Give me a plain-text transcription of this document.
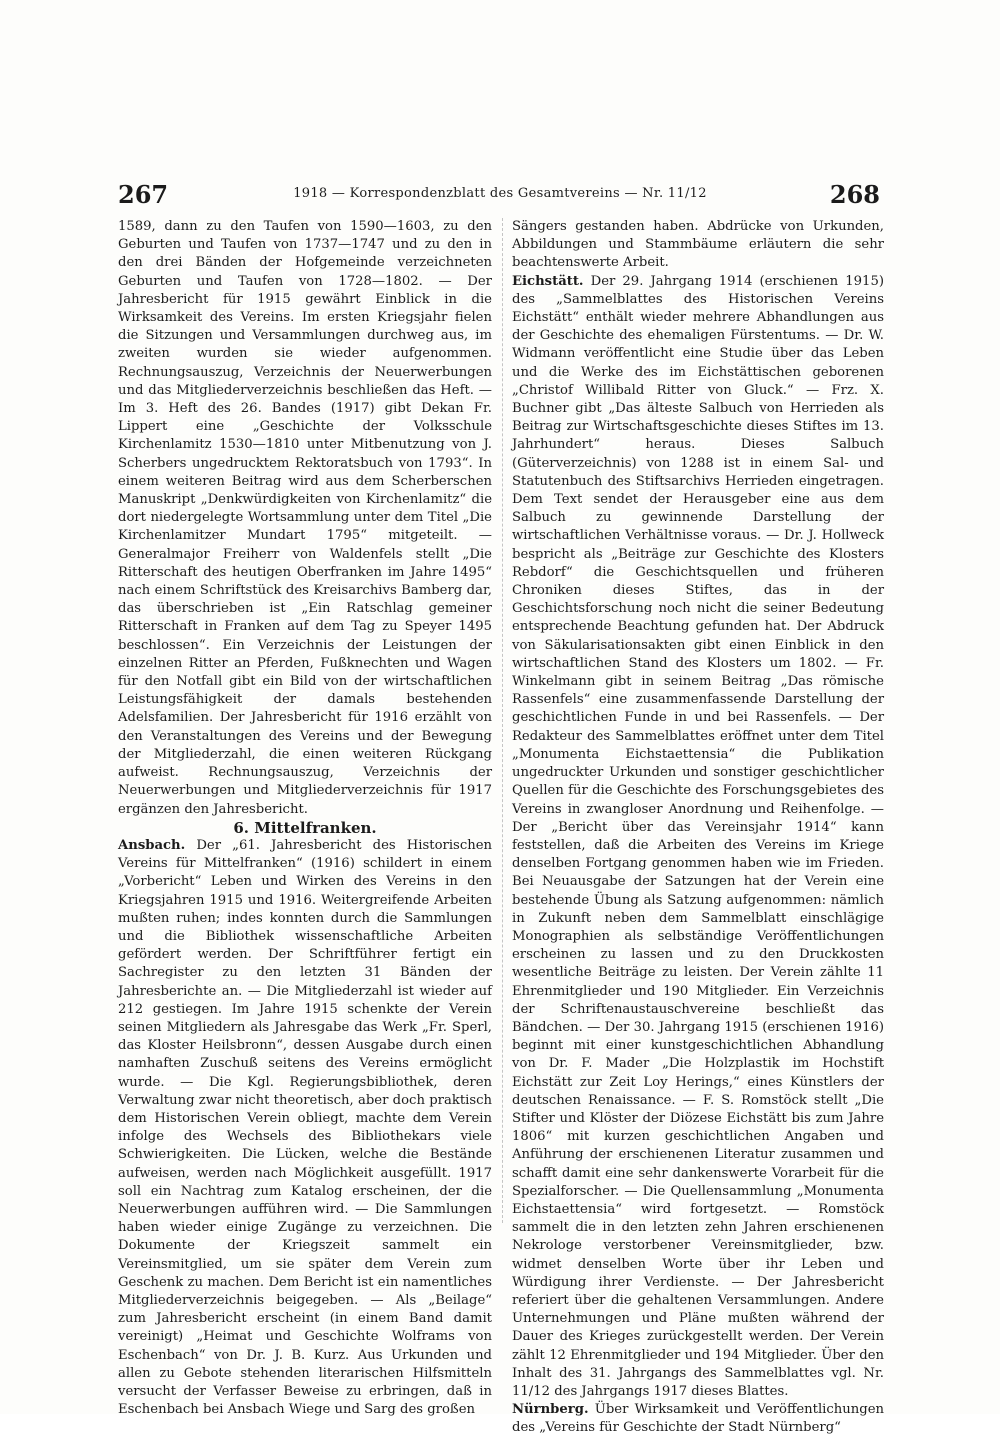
267	1918 — Korrespondenzblatt des Gesamtvereins — Nr. 11/12	268

1589, dann zu den Taufen von 1590—1603, zu den Geburten und Taufen von 1737—1747 und zu den in den drei Bänden der Hofgemeinde verzeichneten Geburten und Taufen von 1728—1802. — Der Jahresbericht für 1915 gewährt Einblick in die Wirksamkeit des Vereins. Im ersten Kriegsjahr fielen die Sitzungen und Versammlungen durchweg aus, im zweiten wurden sie wieder aufgenommen. Rechnungsauszug, Verzeichnis der Neuerwerbungen und das Mitgliederverzeichnis beschließen das Heft. — Im 3. Heft des 26. Bandes (1917) gibt Dekan Fr. Lippert eine „Geschichte der Volksschule Kirchenlamitz 1530—1810 unter Mitbenutzung von J. Scherbers ungedrucktem Rektoratsbuch von 1793“. In einem weiteren Beitrag wird aus dem Scherberschen Manuskript „Denkwürdigkeiten von Kirchenlamitz“ die dort niedergelegte Wortsammlung unter dem Titel „Die Kirchenlamitzer Mundart 1795“ mitgeteilt. — Generalmajor Freiherr von Waldenfels stellt „Die Ritterschaft des heutigen Oberfranken im Jahre 1495“ nach einem Schriftstück des Kreisarchivs Bamberg dar, das überschrieben ist „Ein Ratschlag gemeiner Ritterschaft in Franken auf dem Tag zu Speyer 1495 beschlossen“. Ein Verzeichnis der Leistungen der einzelnen Ritter an Pferden, Fußknechten und Wagen für den Notfall gibt ein Bild von der wirtschaftlichen Leistungsfähigkeit der damals bestehenden Adelsfamilien. Der Jahresbericht für 1916 erzählt von den Veranstaltungen des Vereins und der Bewegung der Mitgliederzahl, die einen weiteren Rückgang aufweist. Rechnungsauszug, Verzeichnis der Neuerwerbungen und Mitgliederverzeichnis für 1917 ergänzen den Jahresbericht.

6. Mittelfranken.

Ansbach. Der „61. Jahresbericht des Historischen Vereins für Mittelfranken“ (1916) schildert in einem „Vorbericht“ Leben und Wirken des Vereins in den Kriegsjahren 1915 und 1916. Weitergreifende Arbeiten mußten ruhen; indes konnten durch die Sammlungen und die Bibliothek wissenschaftliche Arbeiten gefördert werden. Der Schriftführer fertigt ein Sachregister zu den letzten 31 Bänden der Jahresberichte an. — Die Mitgliederzahl ist wieder auf 212 gestiegen. Im Jahre 1915 schenkte der Verein seinen Mitgliedern als Jahresgabe das Werk „Fr. Sperl, das Kloster Heilsbronn“, dessen Ausgabe durch einen namhaften Zuschuß seitens des Vereins ermöglicht wurde. — Die Kgl. Regierungsbibliothek, deren Verwaltung zwar nicht theoretisch, aber doch praktisch dem Historischen Verein obliegt, machte dem Verein infolge des Wechsels des Bibliothekars viele Schwierigkeiten. Die Lücken, welche die Bestände aufweisen, werden nach Möglichkeit ausgefüllt. 1917 soll ein Nachtrag zum Katalog erscheinen, der die Neuerwerbungen aufführen wird. — Die Sammlungen haben wieder einige Zugänge zu verzeichnen. Die Dokumente der Kriegszeit sammelt ein Vereinsmitglied, um sie später dem Verein zum Geschenk zu machen. Dem Bericht ist ein namentliches Mitgliederverzeichnis beigegeben. — Als „Beilage“ zum Jahresbericht erscheint (in einem Band damit vereinigt) „Heimat und Geschichte Wolframs von Eschenbach“ von Dr. J. B. Kurz. Aus Urkunden und allen zu Gebote stehenden literarischen Hilfsmitteln versucht der Verfasser Beweise zu erbringen, daß in Eschenbach bei Ansbach Wiege und Sarg des großen

Sängers gestanden haben. Abdrücke von Urkunden, Abbildungen und Stammbäume erläutern die sehr beachtenswerte Arbeit.

Eichstätt. Der 29. Jahrgang 1914 (erschienen 1915) des „Sammelblattes des Historischen Vereins Eichstätt“ enthält wieder mehrere Abhandlungen aus der Geschichte des ehemaligen Fürstentums. — Dr. W. Widmann veröffentlicht eine Studie über das Leben und die Werke des im Eichstättischen geborenen „Christof Willibald Ritter von Gluck.“ — Frz. X. Buchner gibt „Das älteste Salbuch von Herrieden als Beitrag zur Wirtschaftsgeschichte dieses Stiftes im 13. Jahrhundert“ heraus. Dieses Salbuch (Güterverzeichnis) von 1288 ist in einem Sal- und Statutenbuch des Stiftsarchivs Herrieden eingetragen. Dem Text sendet der Herausgeber eine aus dem Salbuch zu gewinnende Darstellung der wirtschaftlichen Verhältnisse voraus. — Dr. J. Hollweck bespricht als „Beiträge zur Geschichte des Klosters Rebdorf“ die Geschichtsquellen und früheren Chroniken dieses Stiftes, das in der Geschichtsforschung noch nicht die seiner Bedeutung entsprechende Beachtung gefunden hat. Der Abdruck von Säkularisationsakten gibt einen Einblick in den wirtschaftlichen Stand des Klosters um 1802. — Fr. Winkelmann gibt in seinem Beitrag „Das römische Rassenfels“ eine zusammenfassende Darstellung der geschichtlichen Funde in und bei Rassenfels. — Der Redakteur des Sammelblattes eröffnet unter dem Titel „Monumenta Eichstaettensia“ die Publikation ungedruckter Urkunden und sonstiger geschichtlicher Quellen für die Geschichte des Forschungsgebietes des Vereins in zwangloser Anordnung und Reihenfolge. — Der „Bericht über das Vereinsjahr 1914“ kann feststellen, daß die Arbeiten des Vereins im Kriege denselben Fortgang genommen haben wie im Frieden. Bei Neuausgabe der Satzungen hat der Verein eine bestehende Übung als Satzung aufgenommen: nämlich in Zukunft neben dem Sammelblatt einschlägige Monographien als selbständige Veröffentlichungen erscheinen zu lassen und zu den Druckkosten wesentliche Beiträge zu leisten. Der Verein zählte 11 Ehrenmitglieder und 190 Mitglieder. Ein Verzeichnis der Schriftenaustauschvereine beschließt das Bändchen. — Der 30. Jahrgang 1915 (erschienen 1916) beginnt mit einer kunstgeschichtlichen Abhandlung von Dr. F. Mader „Die Holzplastik im Hochstift Eichstätt zur Zeit Loy Herings,“ eines Künstlers der deutschen Renaissance. — F. S. Romstöck stellt „Die Stifter und Klöster der Diözese Eichstätt bis zum Jahre 1806“ mit kurzen geschichtlichen Angaben und Anführung der erschienenen Literatur zusammen und schafft damit eine sehr dankenswerte Vorarbeit für die Spezialforscher. — Die Quellensammlung „Monumenta Eichstaettensia“ wird fortgesetzt. — Romstöck sammelt die in den letzten zehn Jahren erschienenen Nekrologe verstorbener Vereinsmitglieder, bzw. widmet denselben Worte über ihr Leben und Würdigung ihrer Verdienste. — Der Jahresbericht referiert über die gehaltenen Versammlungen. Andere Unternehmungen und Pläne mußten während der Dauer des Krieges zurückgestellt werden. Der Verein zählt 12 Ehrenmitglieder und 194 Mitglieder. Über den Inhalt des 31. Jahrgangs des Sammelblattes vgl. Nr. 11/12 des Jahrgangs 1917 dieses Blattes.

Nürnberg. Über Wirksamkeit und Veröffentlichungen des „Vereins für Geschichte der Stadt Nürnberg“
